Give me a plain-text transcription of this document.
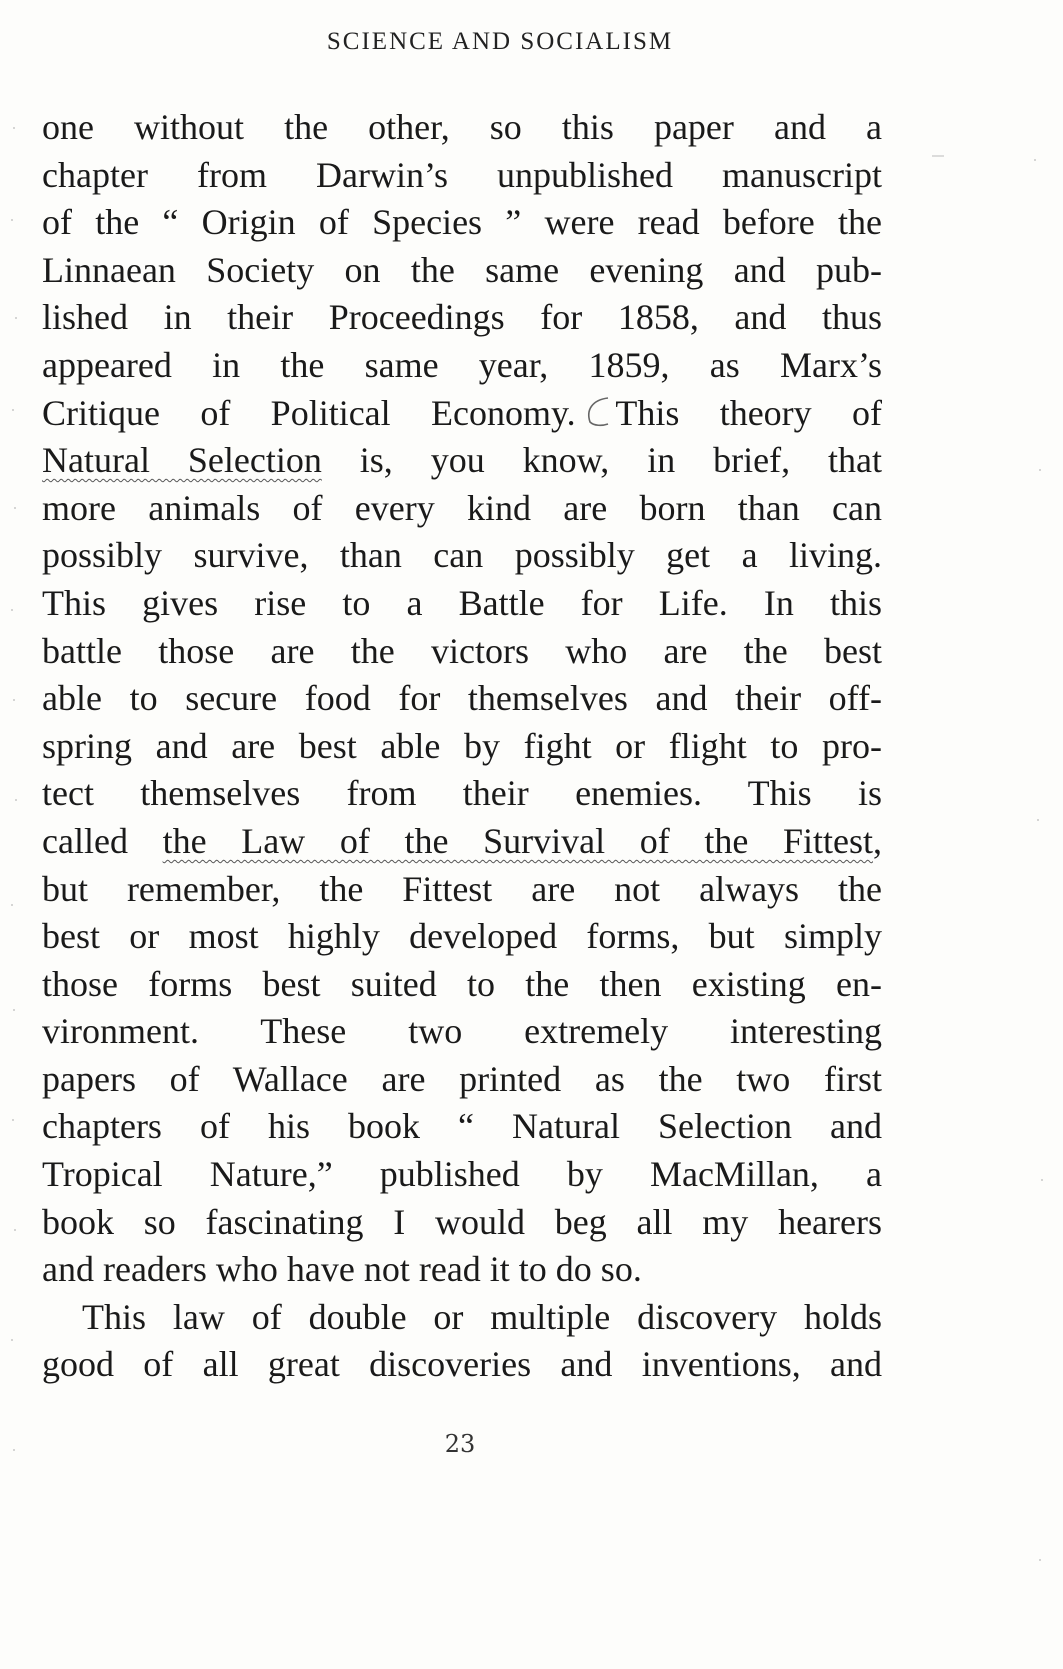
SCIENCE AND SOCIALISM
one without the other, so this paper and a
chapter from Darwin’s unpublished manuscript
of the “ Origin of Species ” were read before the
Linnaean Society on the same evening and pub-
lished in their Proceedings for 1858, and thus
appeared in the same year, 1859, as Marx’s
Critique of Political Economy. This theory of
Natural Selection is, you know, in brief, that
more animals of every kind are born than can
possibly survive, than can possibly get a living.
This gives rise to a Battle for Life. In this
battle those are the victors who are the best
able to secure food for themselves and their off-
spring and are best able by fight or flight to pro-
tect themselves from their enemies. This is
called the Law of the Survival of the Fittest,
but remember, the Fittest are not always the
best or most highly developed forms, but simply
those forms best suited to the then existing en-
vironment. These two extremely interesting
papers of Wallace are printed as the two first
chapters of his book “ Natural Selection and
Tropical Nature,” published by MacMillan, a
book so fascinating I would beg all my hearers
and readers who have not read it to do so.
This law of double or multiple discovery holds
good of all great discoveries and inventions, and
23
